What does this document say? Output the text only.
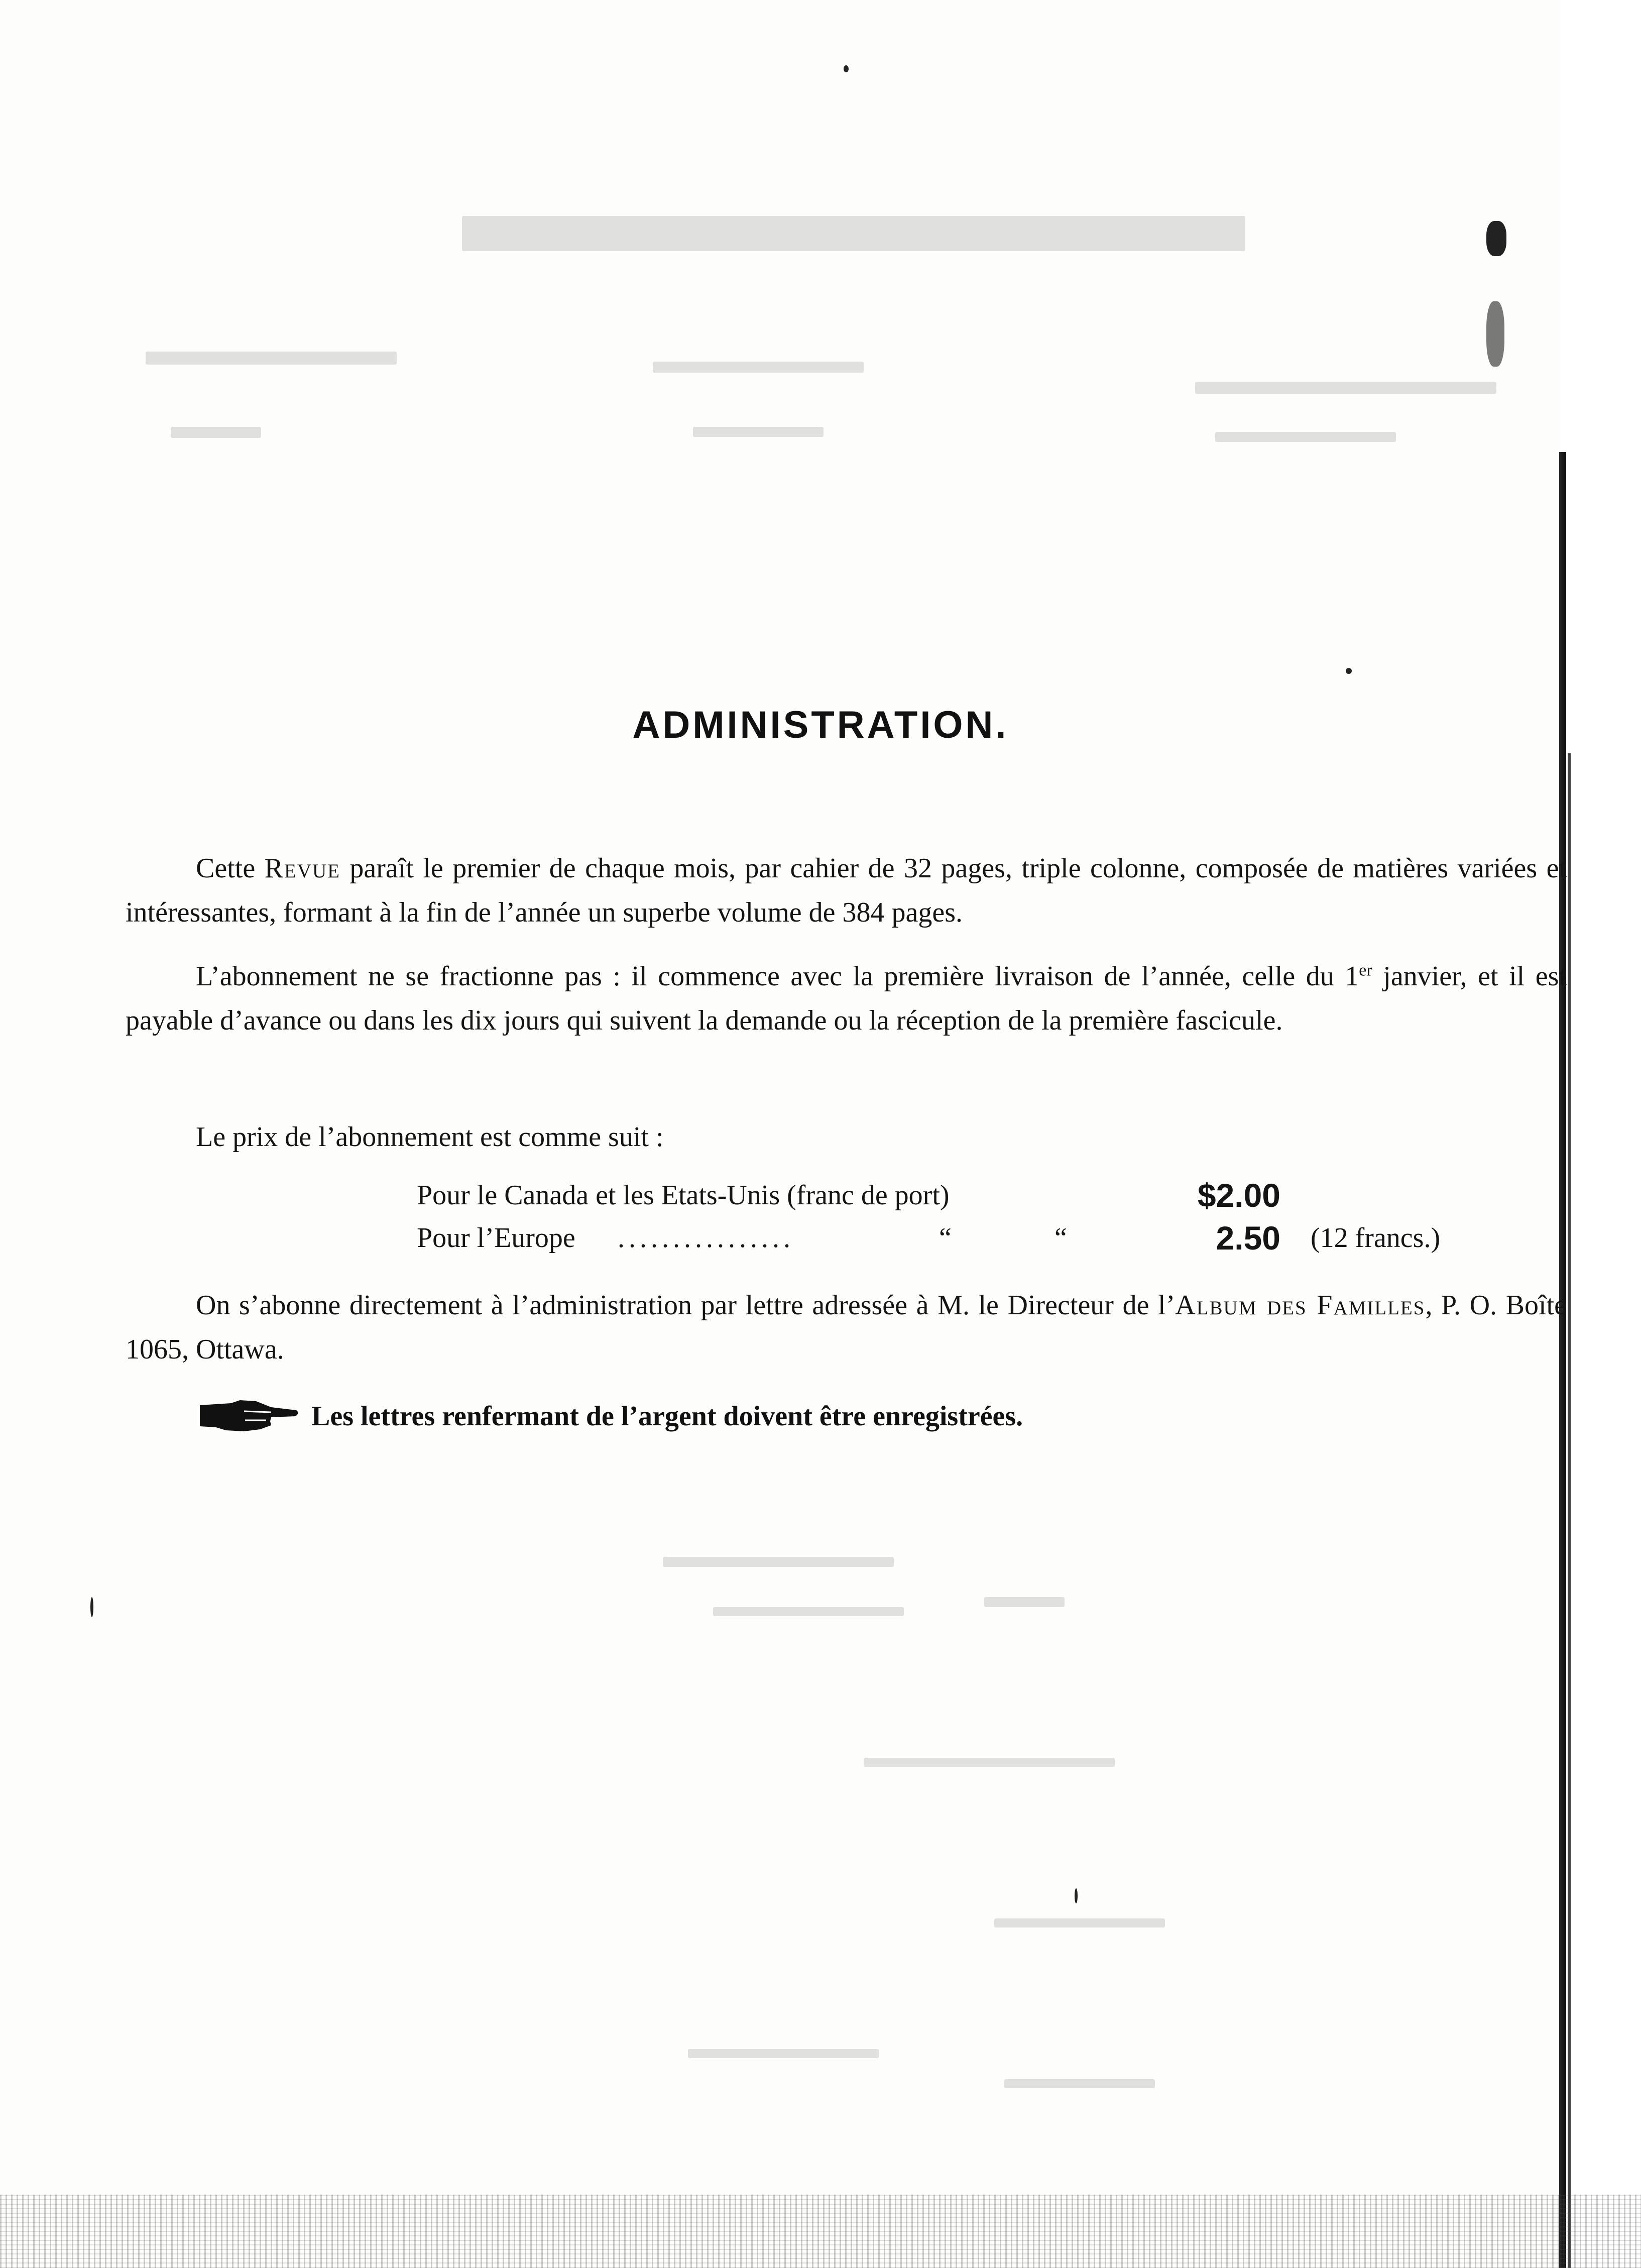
ADMINISTRATION.
Cette Revue paraît le premier de chaque mois, par cahier de 32 pages, triple colonne, composée de matières variées et intéressantes, formant à la fin de l’année un superbe volume de 384 pages.
L’abonnement ne se fractionne pas : il commence avec la première livraison de l’année, celle du 1er janvier, et il est payable d’avance ou dans les dix jours qui suivent la demande ou la réception de la première fascicule.
Le prix de l’abonnement est comme suit :
Pour le Canada et les Etats-Unis (franc de port)	$2.00
Pour l’Europe ................	“	“	2.50 (12 francs.)
On s’abonne directement à l’administration par lettre adressée à M. le Directeur de l’Album des Familles, P. O. Boîte 1065, Ottawa.
Les lettres renfermant de l’argent doivent être enregistrées.
